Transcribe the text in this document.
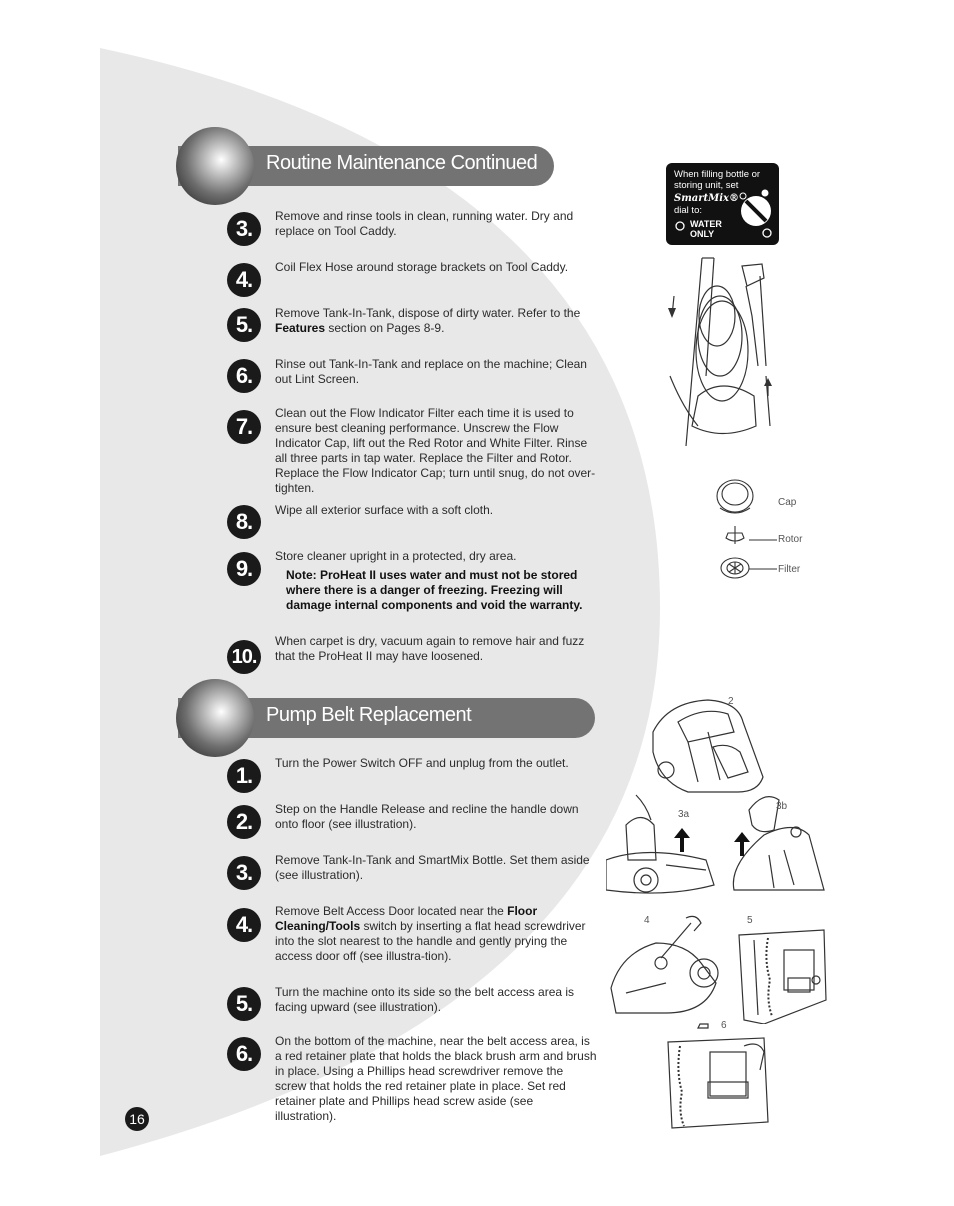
Routine Maintenance Continued
3.	Remove and rinse tools in clean, running water. Dry and replace on Tool Caddy.
4.	Coil Flex Hose around storage brackets on Tool Caddy.
5.	Remove Tank-In-Tank, dispose of dirty water. Refer to the Features section on Pages 8-9.
6.	Rinse out Tank-In-Tank and replace on the machine; Clean out Lint Screen.
7.
Clean out the Flow Indicator Filter each time it is used to ensure best cleaning performance. Unscrew the Flow Indicator Cap, lift out the Red Rotor and White Filter. Rinse all three parts in tap water. Replace the Filter and Rotor. Replace the Flow Indicator Cap; turn until snug, do not over-tighten.
8.	Wipe all exterior surface with a soft cloth.
9.	Store cleaner upright in a protected, dry area.
Note: ProHeat II uses water and must not be stored where there is a danger of freezing. Freezing will damage internal components and void the warranty.
10.
When carpet is dry, vacuum again to remove hair and fuzz that the ProHeat II may have loosened.
Pump Belt Replacement
1.	Turn the Power Switch OFF and unplug from the outlet.
2.	Step on the Handle Release and recline the handle down onto floor (see illustration).
3.	Remove Tank-In-Tank and SmartMix Bottle. Set them aside (see illustration).
4.
Remove Belt Access Door located near the Floor Cleaning/Tools switch by inserting a flat head screwdriver into the slot nearest to the handle and gently prying the access door off (see illustra-tion).
5.	Turn the machine onto its side so the belt access area is facing upward (see illustration).
6.	On the bottom of the machine, near the belt access area, is a red retainer plate that holds the black brush arm and brush in place. Using a Phillips head screwdriver remove the screw that holds the red retainer plate in place. Set red retainer plate and Phillips head screw aside (see illustration).
16
When filling bottle or storing unit, set
SmartMix®
dial to:
WATER
ONLY
Cap
Rotor
Filter
2
3a
3b
4	5
6
